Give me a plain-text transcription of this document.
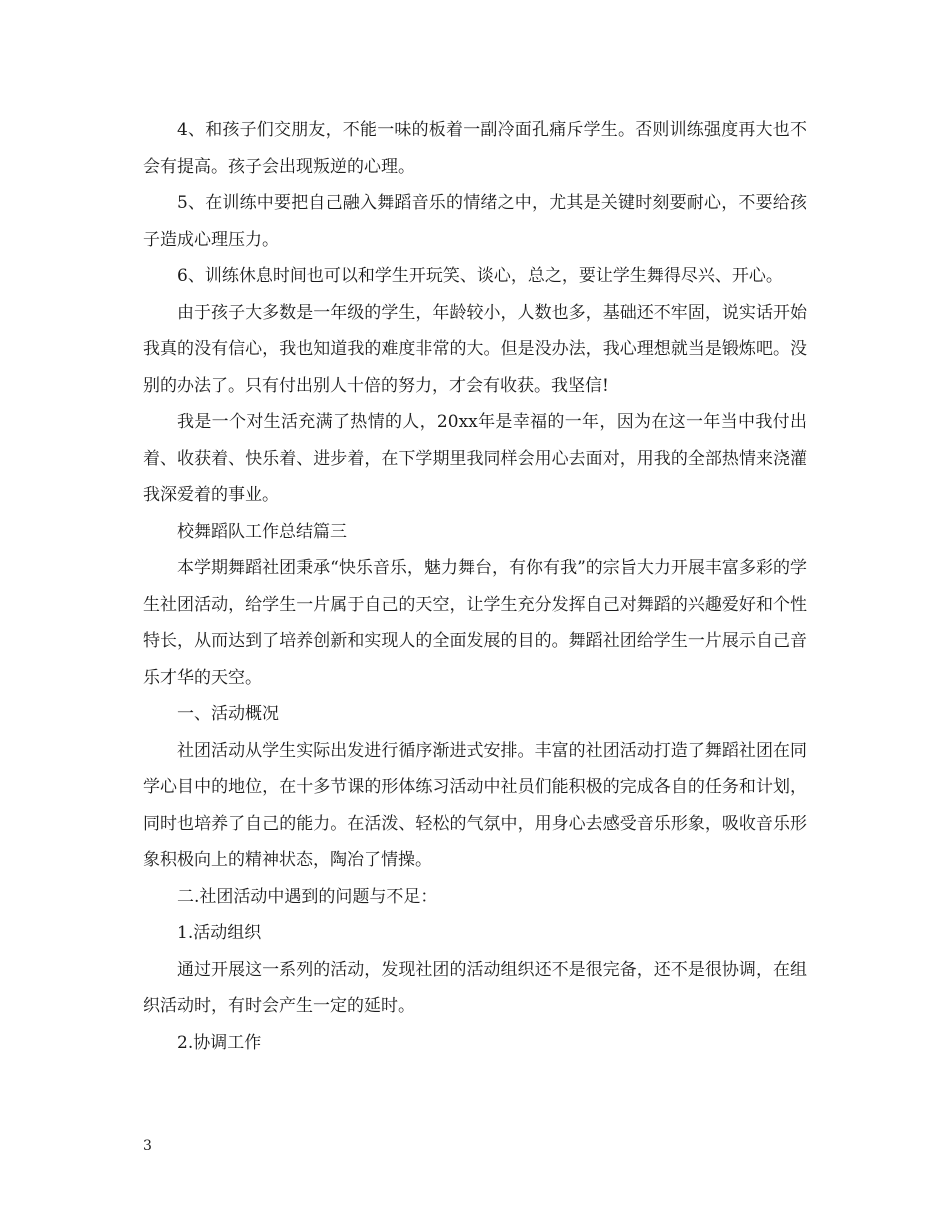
4、和孩子们交朋友，不能一味的板着一副冷面孔痛斥学生。否则训练强度再大也不会有提高。孩子会出现叛逆的心理。

5、在训练中要把自己融入舞蹈音乐的情绪之中，尤其是关键时刻要耐心，不要给孩子造成心理压力。

6、训练休息时间也可以和学生开玩笑、谈心，总之，要让学生舞得尽兴、开心。

由于孩子大多数是一年级的学生，年龄较小，人数也多，基础还不牢固，说实话开始我真的没有信心，我也知道我的难度非常的大。但是没办法，我心理想就当是锻炼吧。没别的办法了。只有付出别人十倍的努力，才会有收获。我坚信!

我是一个对生活充满了热情的人，20xx年是幸福的一年，因为在这一年当中我付出着、收获着、快乐着、进步着，在下学期里我同样会用心去面对，用我的全部热情来浇灌我深爱着的事业。

校舞蹈队工作总结篇三

本学期舞蹈社团秉承“快乐音乐，魅力舞台，有你有我”的宗旨大力开展丰富多彩的学生社团活动，给学生一片属于自己的天空，让学生充分发挥自己对舞蹈的兴趣爱好和个性特长，从而达到了培养创新和实现人的全面发展的目的。舞蹈社团给学生一片展示自己音乐才华的天空。

一、活动概况

社团活动从学生实际出发进行循序渐进式安排。丰富的社团活动打造了舞蹈社团在同学心目中的地位，在十多节课的形体练习活动中社员们能积极的完成各自的任务和计划，同时也培养了自己的能力。在活泼、轻松的气氛中，用身心去感受音乐形象，吸收音乐形象积极向上的精神状态，陶冶了情操。

二.社团活动中遇到的问题与不足：

1.活动组织

通过开展这一系列的活动，发现社团的活动组织还不是很完备，还不是很协调，在组织活动时，有时会产生一定的延时。

2.协调工作

3
